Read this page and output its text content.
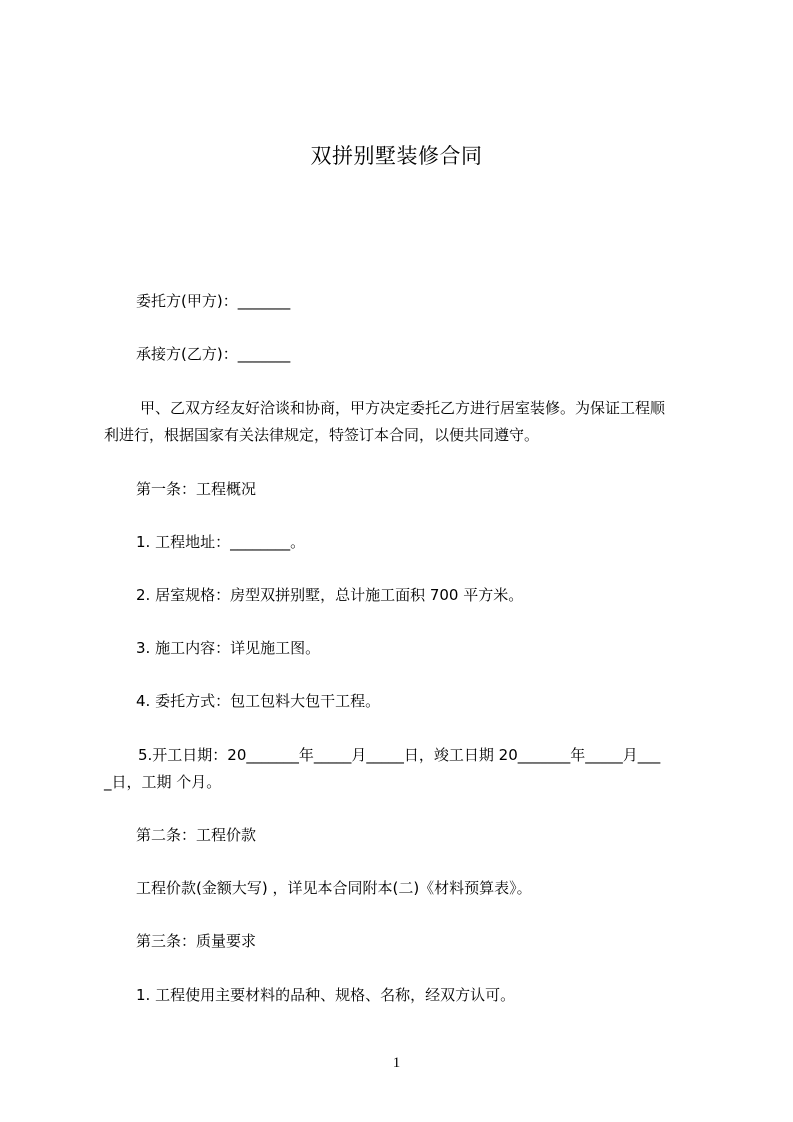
双拼别墅装修合同
委托方(甲方)：_______
承接方(乙方)：_______
甲、乙双方经友好洽谈和协商，甲方决定委托乙方进行居室装修。为保证工程顺
利进行，根据国家有关法律规定，特签订本合同，以便共同遵守。
第一条：工程概况
1. 工程地址：________。
2. 居室规格：房型双拼别墅，总计施工面积 700 平方米。
3. 施工内容：详见施工图。
4. 委托方式：包工包料大包干工程。
5.开工日期：20_______年_____月_____日，竣工日期 20_______年_____月___
_日，工期 个月。
第二条：工程价款
工程价款(金额大写) ，详见本合同附本(二)《材料预算表》。
第三条：质量要求
1. 工程使用主要材料的品种、规格、名称，经双方认可。
1
